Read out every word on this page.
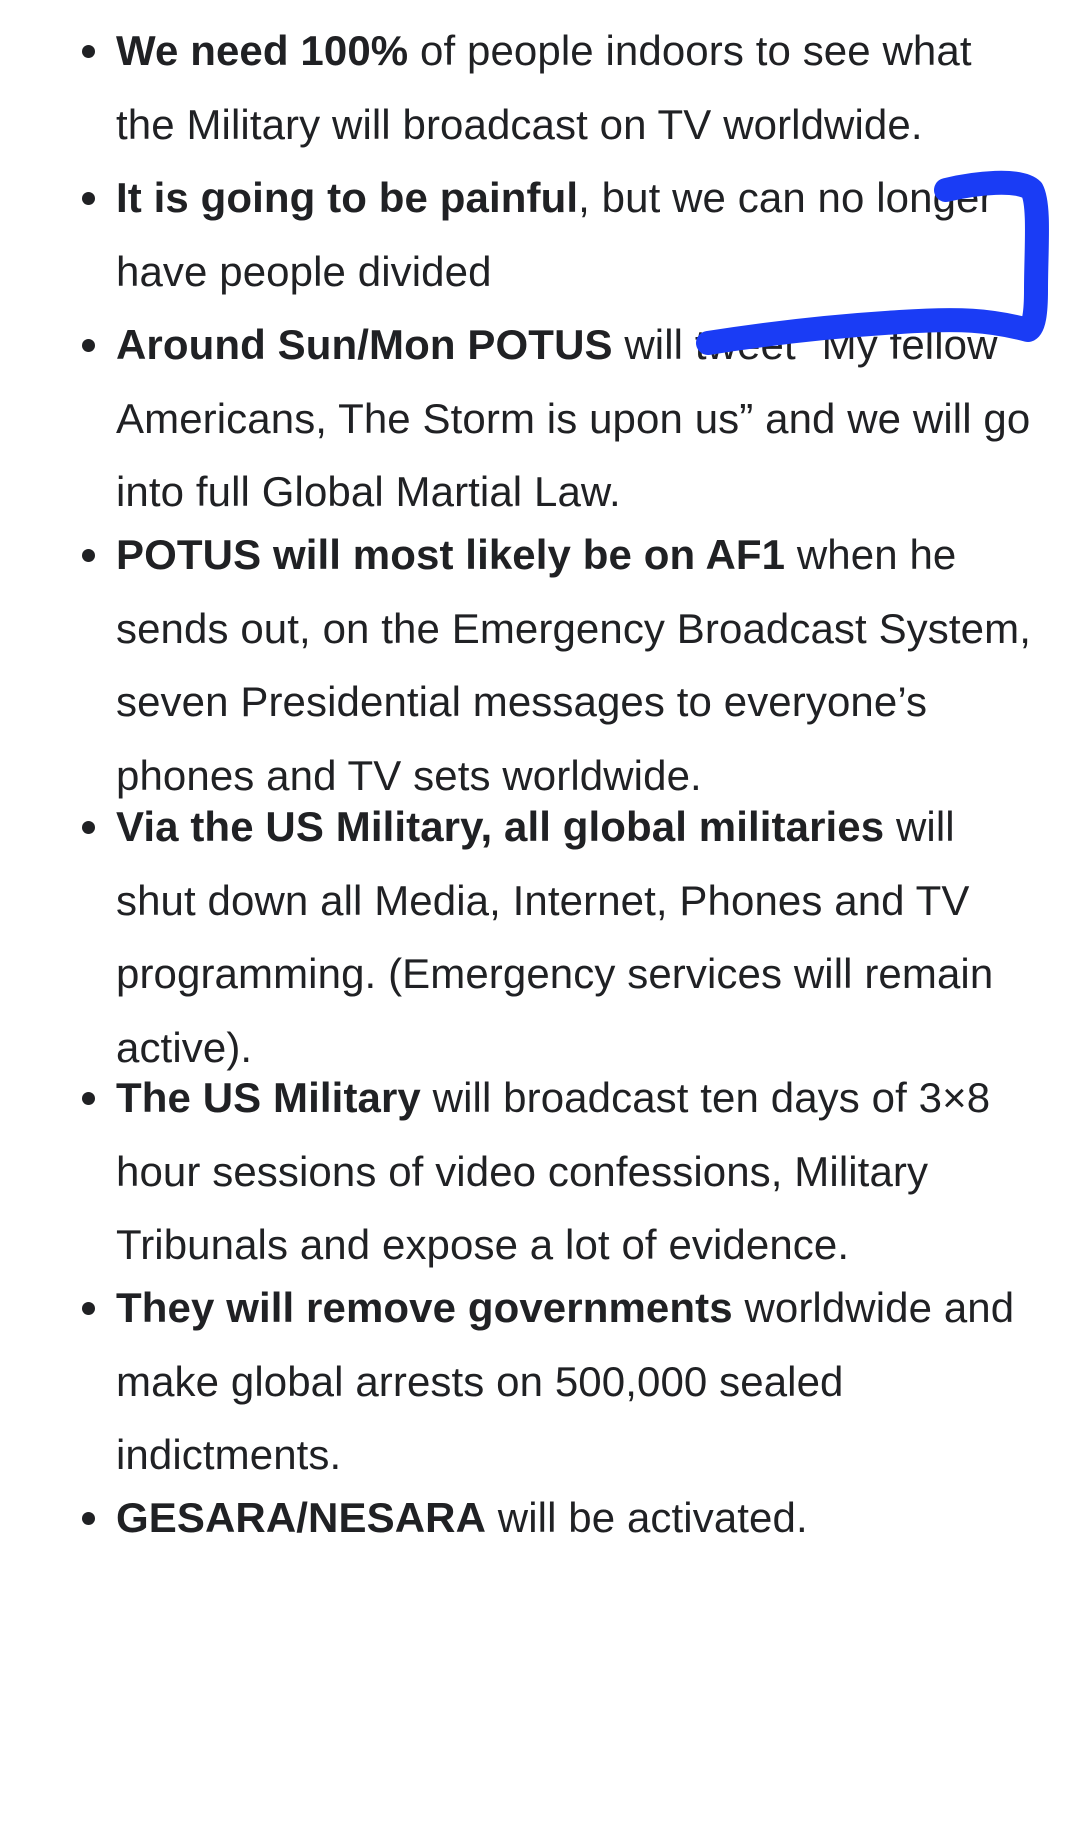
We need 100% of people indoors to see what the Military will broadcast on TV worldwide.
It is going to be painful, but we can no longer have people divided
Around Sun/Mon POTUS will tweet “My fellow Americans, The Storm is upon us” and we will go into full Global Martial Law.
POTUS will most likely be on AF1 when he sends out, on the Emergency Broadcast System, seven Presidential messages to everyone’s phones and TV sets worldwide.
Via the US Military, all global militaries will shut down all Media, Internet, Phones and TV programming. (Emergency services will remain active).
The US Military will broadcast ten days of 3×8 hour sessions of video confessions, Military Tribunals and expose a lot of evidence.
They will remove governments worldwide and make global arrests on 500,000 sealed indictments.
GESARA/NESARA will be activated.
